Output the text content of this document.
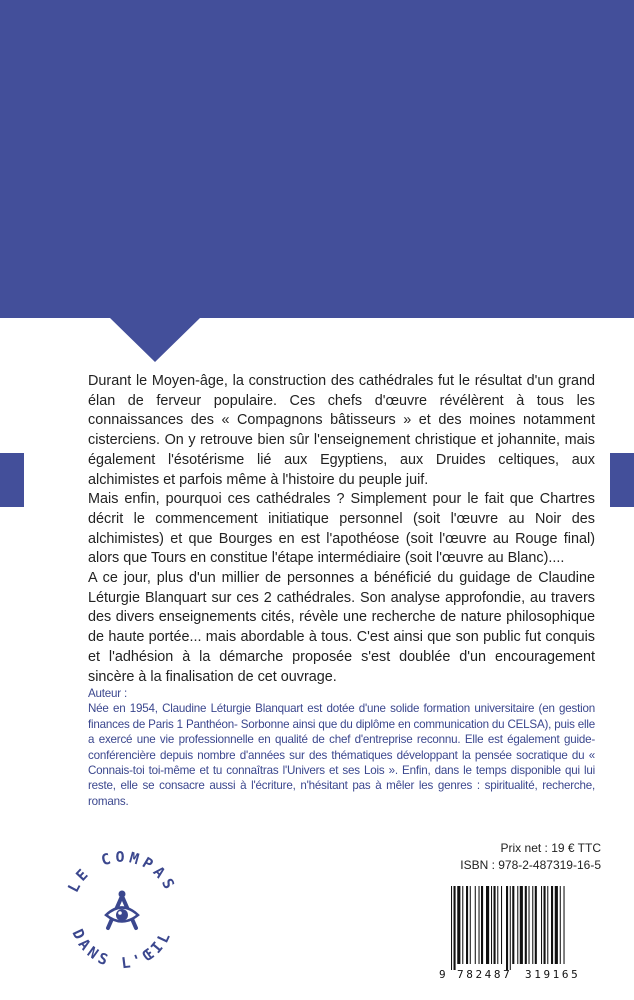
Durant le Moyen-âge, la construction des cathédrales fut le résultat d'un grand élan de ferveur populaire. Ces chefs d'œuvre révélèrent à tous les connaissances des « Compagnons bâtisseurs » et des moines notamment cisterciens. On y retrouve bien sûr l'enseignement christique et johannite, mais également l'ésotérisme lié aux Egyptiens, aux Druides celtiques, aux alchimistes et parfois même à l'histoire du peuple juif.

Mais enfin, pourquoi ces cathédrales ? Simplement pour le fait que Chartres décrit le commencement initiatique personnel (soit l'œuvre au Noir des alchimistes) et que Bourges en est l'apothéose (soit l'œuvre au Rouge final) alors que Tours en constitue l'étape intermédiaire (soit l'œuvre au Blanc)....

A ce jour, plus d'un millier de personnes a bénéficié du guidage de Claudine Léturgie Blanquart sur ces 2 cathédrales. Son analyse approfondie, au travers des divers enseignements cités, révèle une recherche de nature philosophique de haute portée... mais abordable à tous. C'est ainsi que son public fut conquis et l'adhésion à la démarche proposée s'est doublée d'un encouragement sincère à la finalisation de cet ouvrage.

Auteur :

Née en 1954, Claudine Léturgie Blanquart est dotée d'une solide formation universitaire (en gestion finances de Paris 1 Panthéon- Sorbonne ainsi que du diplôme en communication du CELSA), puis elle a exercé une vie professionnelle en qualité de chef d'entreprise reconnu. Elle est également guide-conférencière depuis nombre d'années sur des thématiques développant la pensée socratique du « Connais-toi toi-même et tu connaîtras l'Univers et ses Lois ». Enfin, dans le temps disponible qui lui reste, elle se consacre aussi à l'écriture, n'hésitant pas à mêler les genres : spiritualité, recherche, romans.

LE COMPAS
DANS L'ŒIL
Prix net : 19 € TTC
ISBN : 978-2-487319-16-5
9 782487 319165
